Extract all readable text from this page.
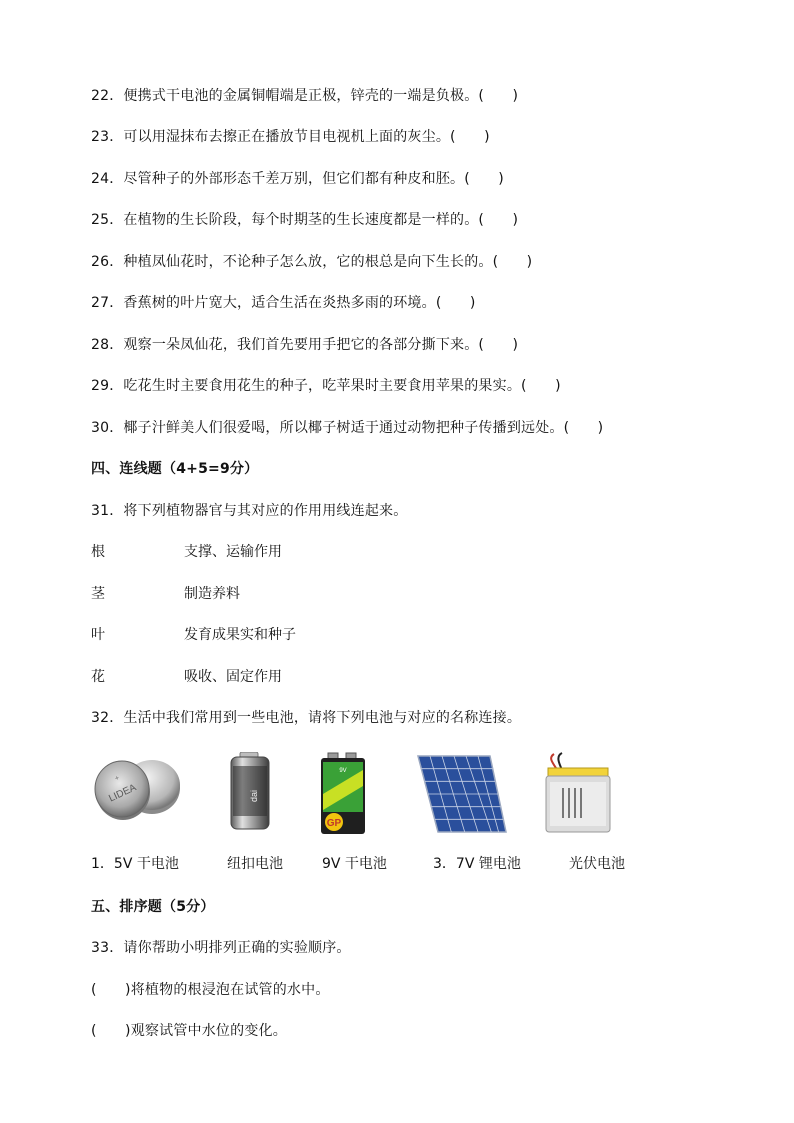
22．便携式干电池的金属铜帽端是正极，锌壳的一端是负极。(　　)
23．可以用湿抹布去擦正在播放节目电视机上面的灰尘。(　　)
24．尽管种子的外部形态千差万别，但它们都有种皮和胚。(　　)
25．在植物的生长阶段，每个时期茎的生长速度都是一样的。(　　)
26．种植凤仙花时，不论种子怎么放，它的根总是向下生长的。(　　)
27．香蕉树的叶片宽大，适合生活在炎热多雨的环境。(　　)
28．观察一朵凤仙花，我们首先要用手把它的各部分撕下来。(　　)
29．吃花生时主要食用花生的种子，吃苹果时主要食用苹果的果实。(　　)
30．椰子汁鲜美人们很爱喝，所以椰子树适于通过动物把种子传播到远处。(　　)
四、连线题（4+5=9分）
31．将下列植物器官与其对应的作用用线连起来。
根	支撑、运输作用
茎	制造养料
叶	发育成果实和种子
花	吸收、固定作用
32．生活中我们常用到一些电池，请将下列电池与对应的名称连接。
LIDEA
+
dai
9V
GP
1．5V 干电池	纽扣电池	9V 干电池	3．7V 锂电池	光伏电池
五、排序题（5分）
33．请你帮助小明排列正确的实验顺序。
(　　)将植物的根浸泡在试管的水中。
(　　)观察试管中水位的变化。
